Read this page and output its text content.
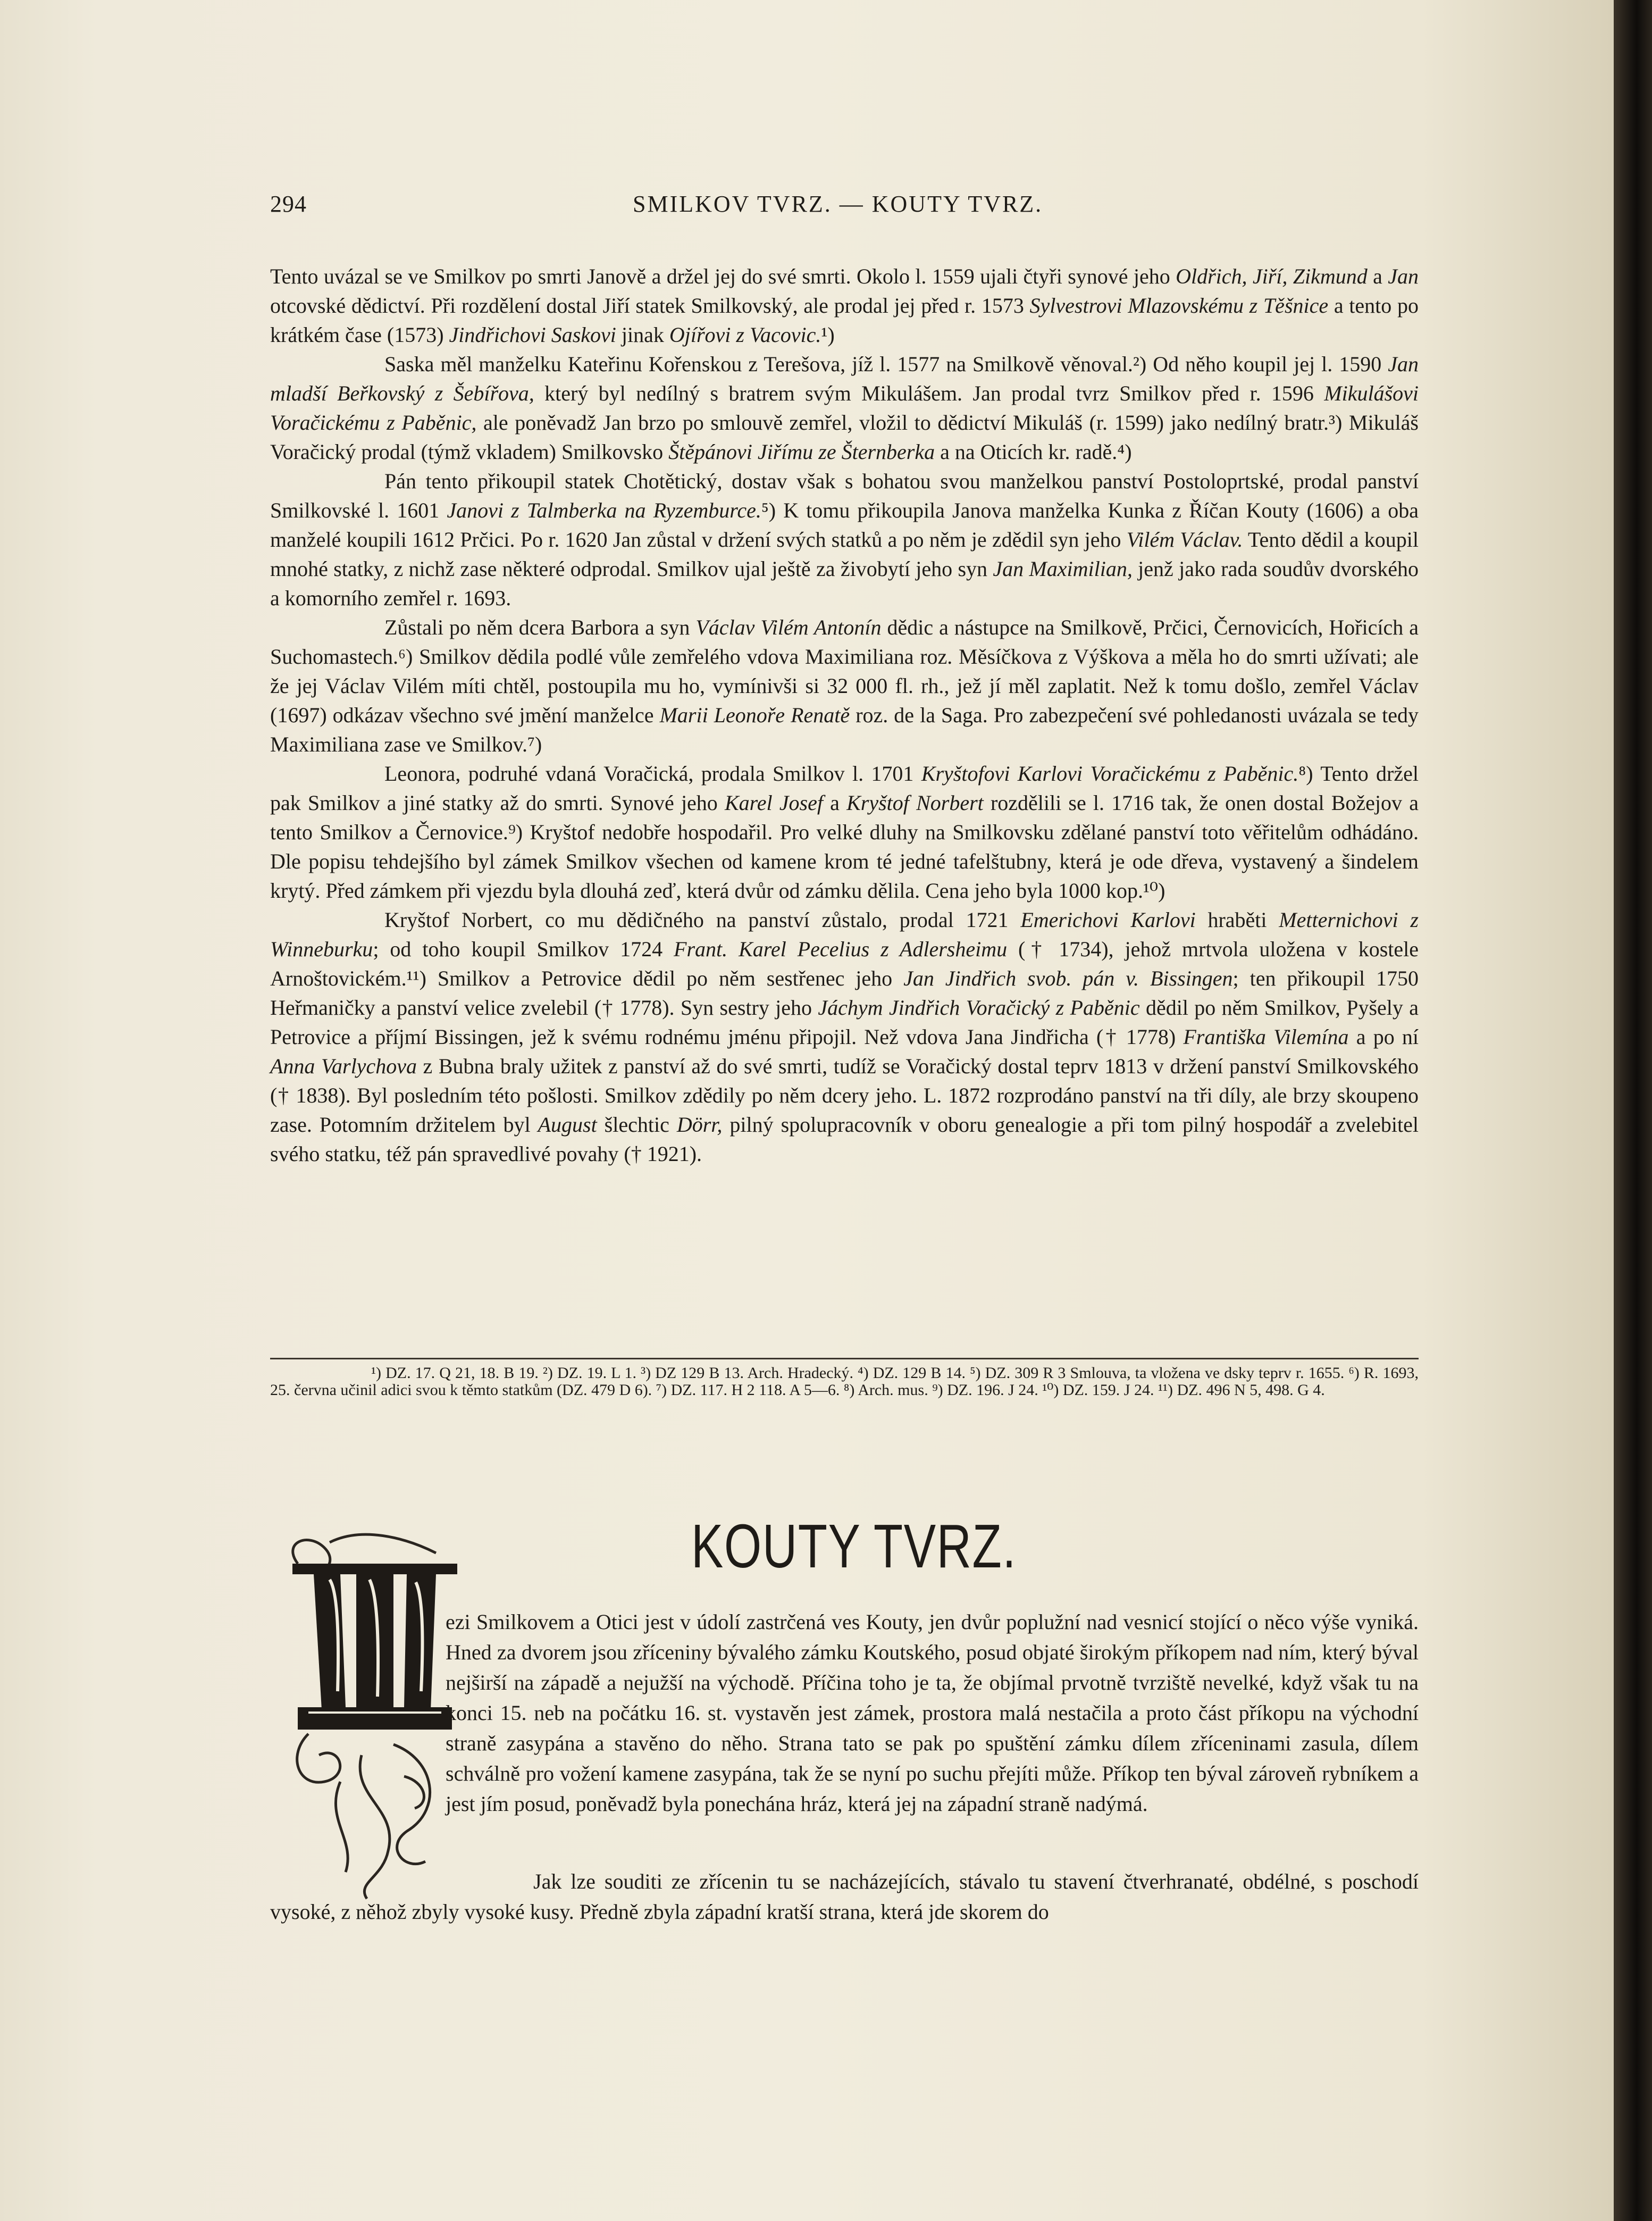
294	SMILKOV TVRZ. — KOUTY TVRZ.

Tento uvázal se ve Smilkov po smrti Janově a držel jej do své smrti. Okolo l. 1559 ujali čtyři synové jeho Oldřich, Jiří, Zikmund a Jan otcovské dědictví. Při rozdělení dostal Jiří statek Smilkovský, ale prodal jej před r. 1573 Sylvestrovi Mlazovskému z Těšnice a tento po krátkém čase (1573) Jindřichovi Saskovi jinak Ojířovi z Vacovic.¹)

Saska měl manželku Kateřinu Kořenskou z Terešova, jíž l. 1577 na Smilkově věnoval.²) Od něho koupil jej l. 1590 Jan mladší Beřkovský z Šebířova, který byl nedílný s bratrem svým Mikulášem. Jan prodal tvrz Smilkov před r. 1596 Mikulášovi Voračickému z Paběnic, ale poněvadž Jan brzo po smlouvě zemřel, vložil to dědictví Mikuláš (r. 1599) jako nedílný bratr.³) Mikuláš Voračický prodal (týmž vkladem) Smilkovsko Štěpánovi Jiřímu ze Šternberka a na Oticích kr. radě.⁴)

Pán tento přikoupil statek Chotětický, dostav však s bohatou svou manželkou panství Postoloprtské, prodal panství Smilkovské l. 1601 Janovi z Talmberka na Ryzemburce.⁵) K tomu přikoupila Janova manželka Kunka z Říčan Kouty (1606) a oba manželé koupili 1612 Prčici. Po r. 1620 Jan zůstal v držení svých statků a po něm je zdědil syn jeho Vilém Václav. Tento dědil a koupil mnohé statky, z nichž zase některé odprodal. Smilkov ujal ještě za živobytí jeho syn Jan Maximilian, jenž jako rada soudův dvorského a komorního zemřel r. 1693.

Zůstali po něm dcera Barbora a syn Václav Vilém Antonín dědic a nástupce na Smilkově, Prčici, Černovicích, Hořicích a Suchomastech.⁶) Smilkov dědila podlé vůle zemřelého vdova Maximiliana roz. Měsíčkova z Výškova a měla ho do smrti užívati; ale že jej Václav Vilém míti chtěl, postoupila mu ho, vymínivši si 32 000 fl. rh., jež jí měl zaplatit. Než k tomu došlo, zemřel Václav (1697) odkázav všechno své jmění manželce Marii Leonoře Renatě roz. de la Saga. Pro zabezpečení své pohledanosti uvázala se tedy Maximiliana zase ve Smilkov.⁷)

Leonora, podruhé vdaná Voračická, prodala Smilkov l. 1701 Kryštofovi Karlovi Voračickému z Paběnic.⁸) Tento držel pak Smilkov a jiné statky až do smrti. Synové jeho Karel Josef a Kryštof Norbert rozdělili se l. 1716 tak, že onen dostal Božejov a tento Smilkov a Černovice.⁹) Kryštof nedobře hospodařil. Pro velké dluhy na Smilkovsku zdělané panství toto věřitelům odhádáno. Dle popisu tehdejšího byl zámek Smilkov všechen od kamene krom té jedné tafelštubny, která je ode dřeva, vystavený a šindelem krytý. Před zámkem při vjezdu byla dlouhá zeď, která dvůr od zámku dělila. Cena jeho byla 1000 kop.¹⁰)

Kryštof Norbert, co mu dědičného na panství zůstalo, prodal 1721 Emerichovi Karlovi hraběti Metternichovi z Winneburku; od toho koupil Smilkov 1724 Frant. Karel Pecelius z Adlersheimu († 1734), jehož mrtvola uložena v kostele Arnoštovickém.¹¹) Smilkov a Petrovice dědil po něm sestřenec jeho Jan Jindřich svob. pán v. Bissingen; ten přikoupil 1750 Heřmaničky a panství velice zvelebil († 1778). Syn sestry jeho Jáchym Jindřich Voračický z Paběnic dědil po něm Smilkov, Pyšely a Petrovice a příjmí Bissingen, jež k svému rodnému jménu připojil. Než vdova Jana Jindřicha († 1778) Františka Vilemína a po ní Anna Varlychova z Bubna braly užitek z panství až do své smrti, tudíž se Voračický dostal teprv 1813 v držení panství Smilkovského († 1838). Byl posledním této pošlosti. Smilkov zdědily po něm dcery jeho. L. 1872 rozprodáno panství na tři díly, ale brzy skoupeno zase. Potomním držitelem byl August šlechtic Dörr, pilný spolupracovník v oboru genealogie a při tom pilný hospodář a zvelebitel svého statku, též pán spravedlivé povahy († 1921).

¹) DZ. 17. Q 21, 18. B 19. ²) DZ. 19. L 1. ³) DZ 129 B 13. Arch. Hradecký. ⁴) DZ. 129 B 14. ⁵) DZ. 309 R 3 Smlouva, ta vložena ve dsky teprv r. 1655. ⁶) R. 1693, 25. června učinil adici svou k těmto statkům (DZ. 479 D 6). ⁷) DZ. 117. H 2 118. A 5—6. ⁸) Arch. mus. ⁹) DZ. 196. J 24. ¹⁰) DZ. 159. J 24. ¹¹) DZ. 496 N 5, 498. G 4.
KOUTY TVRZ.

ezi Smilkovem a Otici jest v údolí zastrčená ves Kouty, jen dvůr poplužní nad vesnicí stojící o něco výše vyniká. Hned za dvorem jsou zříceniny bývalého zámku Koutského, posud objaté širokým příkopem nad ním, který býval nejširší na západě a nejužší na východě. Příčina toho je ta, že objímal prvotně tvrziště nevelké, když však tu na konci 15. neb na počátku 16. st. vystavěn jest zámek, prostora malá nestačila a proto část příkopu na východní straně zasypána a stavěno do něho. Strana tato se pak po spuštění zámku dílem zříceninami zasula, dílem schválně pro vožení kamene zasypána, tak že se nyní po suchu přejíti může. Příkop ten býval zároveň rybníkem a jest jím posud, poněvadž byla ponechána hráz, která jej na západní straně nadýmá.

Jak lze souditi ze zřícenin tu se nacházejících, stávalo tu stavení čtverhranaté, obdélné, s poschodí vysoké, z něhož zbyly vysoké kusy. Předně zbyla západní kratší strana, která jde skorem do
